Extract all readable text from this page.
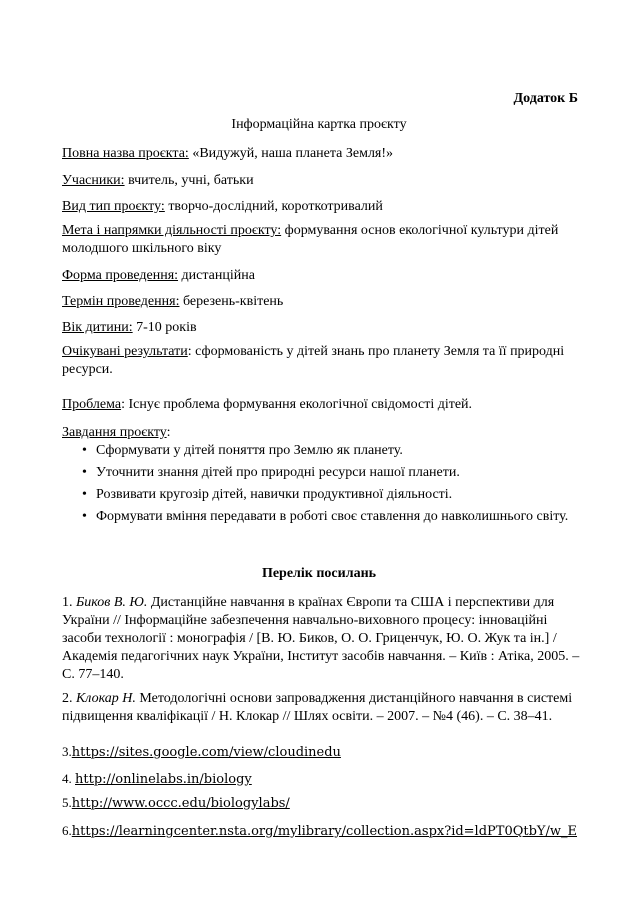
Додаток Б
Інформаційна картка проєкту
Повна назва проєкта: «Видужуй, наша планета Земля!»
Учасники: вчитель, учні, батьки
Вид тип проєкту: творчо-дослідний, короткотривалий
Мета і напрямки діяльності проєкту: формування основ екологічної культури дітей молодшого шкільного віку
Форма проведення: дистанційна
Термін проведення: березень-квітень
Вік дитини: 7-10 років
Очікувані результати: сформованість у дітей знань про планету Земля та її природні ресурси.
Проблема: Існує проблема формування екологічної свідомості дітей.
Завдання проєкту:
• Сформувати у дітей поняття про Землю як планету.
• Уточнити знання дітей про природні ресурси нашої планети.
• Розвивати кругозір дітей, навички продуктивної діяльності.
• Формувати вміння передавати в роботі своє ставлення до навколишнього світу.
Перелік посилань
1. Биков В. Ю. Дистанційне навчання в країнах Європи та США і перспективи для України // Інформаційне забезпечення навчально-виховного процесу: інноваційні засоби технології : монографія / [В. Ю. Биков, О. О. Гриценчук, Ю. О. Жук та ін.] / Академія педагогічних наук України, Інститут засобів навчання. – Київ : Атіка, 2005. – С. 77–140.
2. Клокар Н. Методологічні основи запровадження дистанційного навчання в системі підвищення кваліфікації / Н. Клокар // Шлях освіти. – 2007. – №4 (46). – С. 38–41.
3.https://sites.google.com/view/cloudinedu
4. http://onlinelabs.in/biology
5.http://www.occc.edu/biologylabs/
6.https://learningcenter.nsta.org/mylibrary/collection.aspx?id=ldPT0QtbY/w_E
